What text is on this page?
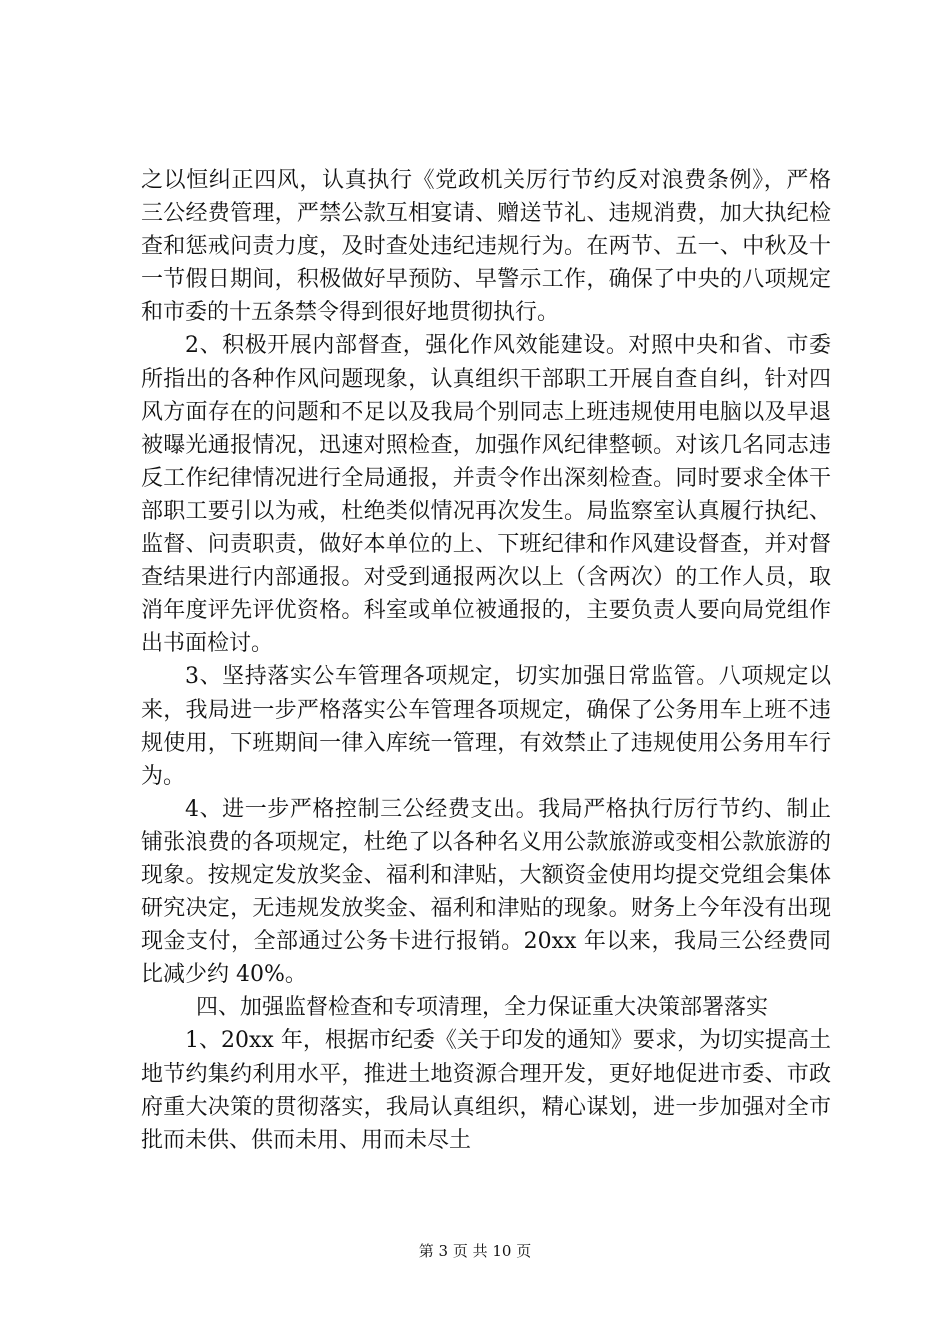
之以恒纠正四风，认真执行《党政机关厉行节约反对浪费条例》，严格三公经费管理，严禁公款互相宴请、赠送节礼、违规消费，加大执纪检查和惩戒问责力度，及时查处违纪违规行为。在两节、五一、中秋及十一节假日期间，积极做好早预防、早警示工作，确保了中央的八项规定和市委的十五条禁令得到很好地贯彻执行。

2、积极开展内部督查，强化作风效能建设。对照中央和省、市委所指出的各种作风问题现象，认真组织干部职工开展自查自纠，针对四风方面存在的问题和不足以及我局个别同志上班违规使用电脑以及早退被曝光通报情况，迅速对照检查，加强作风纪律整顿。对该几名同志违反工作纪律情况进行全局通报，并责令作出深刻检查。同时要求全体干部职工要引以为戒，杜绝类似情况再次发生。局监察室认真履行执纪、监督、问责职责，做好本单位的上、下班纪律和作风建设督查，并对督查结果进行内部通报。对受到通报两次以上（含两次）的工作人员，取消年度评先评优资格。科室或单位被通报的，主要负责人要向局党组作出书面检讨。

3、坚持落实公车管理各项规定，切实加强日常监管。八项规定以来，我局进一步严格落实公车管理各项规定，确保了公务用车上班不违规使用，下班期间一律入库统一管理，有效禁止了违规使用公务用车行为。

4、进一步严格控制三公经费支出。我局严格执行厉行节约、制止铺张浪费的各项规定，杜绝了以各种名义用公款旅游或变相公款旅游的现象。按规定发放奖金、福利和津贴，大额资金使用均提交党组会集体研究决定，无违规发放奖金、福利和津贴的现象。财务上今年没有出现现金支付，全部通过公务卡进行报销。20xx 年以来，我局三公经费同比减少约 40%。

四、加强监督检查和专项清理，全力保证重大决策部署落实

1、20xx 年，根据市纪委《关于印发的通知》要求，为切实提高土地节约集约利用水平，推进土地资源合理开发，更好地促进市委、市政府重大决策的贯彻落实，我局认真组织，精心谋划，进一步加强对全市批而未供、供而未用、用而未尽土

第 3 页 共 10 页
